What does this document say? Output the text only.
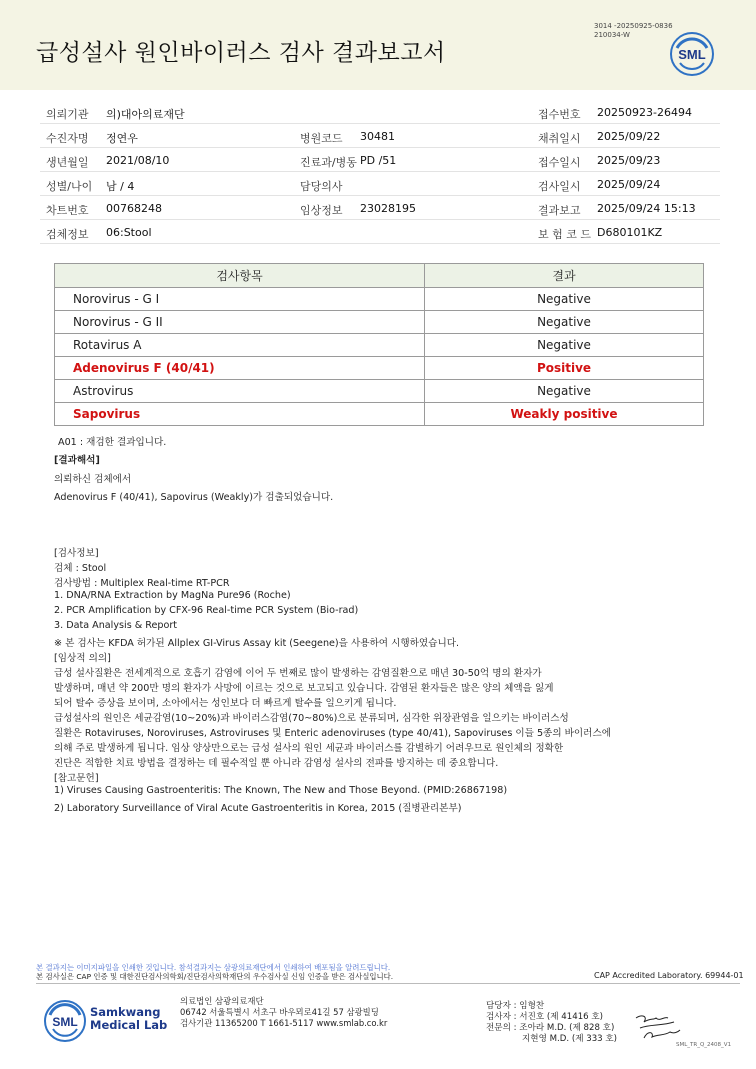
급성설사 원인바이러스 검사 결과보고서
3014 -20250925-0836
210034-W
SML
의뢰기관 의)대아의료재단	접수번호 20250923-26494
수진자명 정연우	병원코드 30481	채취일시 2025/09/22
생년월일 2021/08/10	진료과/병동 PD /51	접수일시 2025/09/23
성별/나이 남 / 4	담당의사	검사일시 2025/09/24
차트번호 00768248	임상정보 23028195	결과보고 2025/09/24 15:13
검체정보 06:Stool	보 험 코 드 D680101KZ
검사항목	결과
Norovirus - G I	Negative
Norovirus - G II	Negative
Rotavirus A	Negative
Adenovirus F (40/41)	Positive
Astrovirus	Negative
Sapovirus	Weakly positive
A01 : 재검한 결과입니다.
[결과해석]
의뢰하신 검체에서
Adenovirus F (40/41), Sapovirus (Weakly)가 검출되었습니다.
[검사정보]
검체 : Stool
검사방법 : Multiplex Real-time RT-PCR
1. DNA/RNA Extraction by MagNa Pure96 (Roche)
2. PCR Amplification by CFX-96 Real-time PCR System (Bio-rad)
3. Data Analysis & Report
※ 본 검사는 KFDA 허가된 Allplex GI-Virus Assay kit (Seegene)을 사용하여 시행하였습니다.
[임상적 의의]
급성 설사질환은 전세계적으로 호흡기 감염에 이어 두 번째로 많이 발생하는 감염질환으로 매년 30-50억 명의 환자가
발생하며, 매년 약 200만 명의 환자가 사망에 이르는 것으로 보고되고 있습니다. 감염된 환자들은 많은 양의 체액을 잃게
되어 탈수 증상을 보이며, 소아에서는 성인보다 더 빠르게 탈수를 일으키게 됩니다.
급성설사의 원인은 세균감염(10~20%)과 바이러스감염(70~80%)으로 분류되며, 심각한 위장관염을 일으키는 바이러스성
질환은 Rotaviruses, Noroviruses, Astroviruses 및 Enteric adenoviruses (type 40/41), Sapoviruses 이들 5종의 바이러스에
의해 주로 발생하게 됩니다. 임상 양상만으로는 급성 설사의 원인 세균과 바이러스를 감별하기 어려우므로 원인체의 정확한
진단은 적합한 치료 방법을 결정하는 데 필수적일 뿐 아니라 감염성 설사의 전파를 방지하는 데 중요합니다.
[참고문헌]
1) Viruses Causing Gastroenteritis: The Known, The New and Those Beyond. (PMID:26867198)
2) Laboratory Surveillance of Viral Acute Gastroenteritis in Korea, 2015 (질병관리본부)
본 결과지는 이미지파일을 인쇄한 것입니다. 참석결과지는 삼광의료재단에서 인쇄하여 배포됨을 알려드립니다.
본 검사실은 CAP 인증 및 대한진단검사의학회/진단검사의학재단의 우수검사실 신임 인증을 받은 검사실입니다.	CAP Accredited Laboratory. 69944-01
SML
Samkwang
Medical Lab
의료법인 삼광의료재단
06742 서울특별시 서초구 바우뫼로41길 57 삼광빌딩
검사기관 11365200 T 1661-5117 www.smlab.co.kr
담당자 : 임형찬
검사자 : 서진호 (제 41416 호)
전문의 : 조아라 M.D. (제 828 호)
지현영 M.D. (제 333 호)
SML_TR_Q_2408_V1
